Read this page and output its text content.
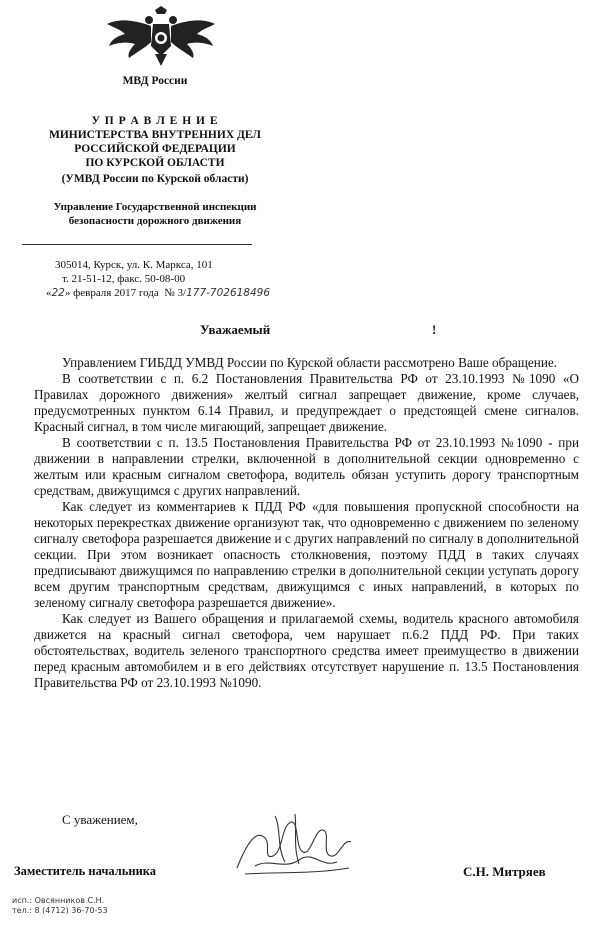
МВД России
У П Р А В Л Е Н И Е
МИНИСТЕРСТВА ВНУТРЕННИХ ДЕЛ
РОССИЙСКОЙ ФЕДЕРАЦИИ
ПО КУРСКОЙ ОБЛАСТИ
(УМВД России по Курской области)
Управление Государственной инспекции
безопасности дорожного движения
305014, Курск, ул. К. Маркса, 101
т. 21-51-12, факс. 50-08-00
«22» февраля 2017 года № 3/177-702618496
Уважаемый	!

Управлением ГИБДД УМВД России по Курской области рассмотрено Ваше обращение.

В соответствии с п. 6.2 Постановления Правительства РФ от 23.10.1993 №1090 «О Правилах дорожного движения» желтый сигнал запрещает движение, кроме случаев, предусмотренных пунктом 6.14 Правил, и предупреждает о предстоящей смене сигналов. Красный сигнал, в том числе мигающий, запрещает движение.

В соответствии с п. 13.5 Постановления Правительства РФ от 23.10.1993 №1090 - при движении в направлении стрелки, включенной в дополнительной секции одновременно с желтым или красным сигналом светофора, водитель обязан уступить дорогу транспортным средствам, движущимся с других направлений.

Как следует из комментариев к ПДД РФ «для повышения пропускной способности на некоторых перекрестках движение организуют так, что одновременно с движением по зеленому сигналу светофора разрешается движение и с других направлений по сигналу в дополнительной секции. При этом возникает опасность столкновения, поэтому ПДД в таких случаях предписывают движущимся по направлению стрелки в дополнительной секции уступать дорогу всем другим транспортным средствам, движущимся с иных направлений, в которых по зеленому сигналу светофора разрешается движение».

Как следует из Вашего обращения и прилагаемой схемы, водитель красного автомобиля движется на красный сигнал светофора, чем нарушает п.6.2 ПДД РФ. При таких обстоятельствах, водитель зеленого транспортного средства имеет преимущество в движении перед красным автомобилем и в его действиях отсутствует нарушение п. 13.5 Постановления Правительства РФ от 23.10.1993 №1090.

С уважением,
Заместитель начальника	С.Н. Митряев
исп.: Овсянников С.Н.
тел.: 8 (4712) 36-70-53
